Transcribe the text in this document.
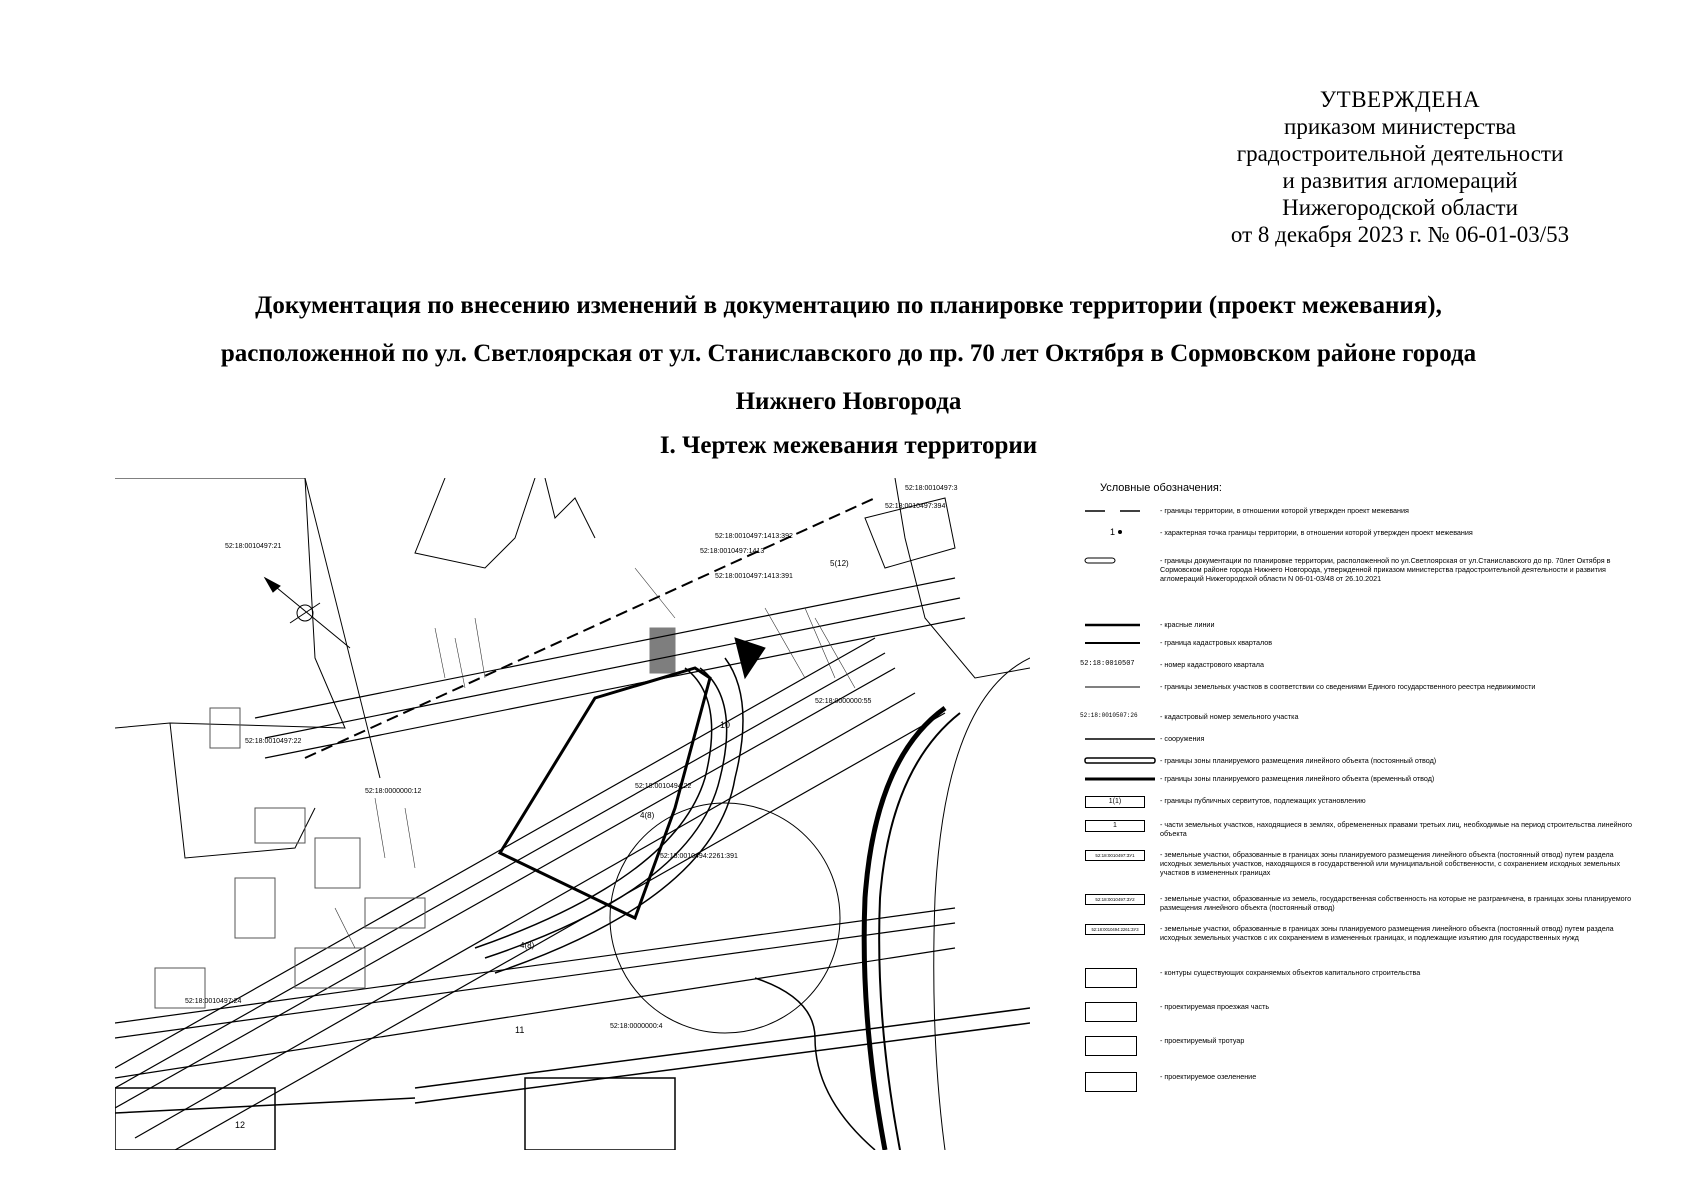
УТВЕРЖДЕНА
приказом министерства
градостроительной деятельности
и развития агломераций
Нижегородской области
от 8 декабря 2023 г. № 06-01-03/53
Документация по внесению изменений в документацию по планировке территории (проект межевания),
расположенной по ул. Светлоярская от ул. Станиславского до пр. 70 лет Октября в Сормовском районе города
Нижнего Новгорода
I. Чертеж межевания территории
52:18:0010497:21
52:18:0010497:22
52:18:0010497:24
52:18:0010497:1413
52:18:0010497:1413:392
52:18:0010497:1413:391
52:18:0010494:22
52:18:0010494:2261:391
52:18:0000000:12
52:18:0000000:4
52:18:0000000:55
52:18:0010497:3
52:18:0010497:394
4(8)
4(8)
5(12)
10
12
11
Условные обозначения:
- границы территории, в отношении которой утвержден проект межевания
1	- характерная точка границы территории, в отношении которой утвержден проект межевания
- границы документации по планировке территории, расположенной по ул.Светлоярская от ул.Станиславского до пр. 70лет Октября в Сормовском районе города Нижнего Новгорода, утвержденной приказом министерства градостроительной деятельности и развития агломераций Нижегородской области N 06-01-03/48 от 26.10.2021
- красные линии
- граница кадастровых кварталов
52:18:0010507	- номер кадастрового квартала
- границы земельных участков в соответствии со сведениями Единого государственного реестра недвижимости
52:18:0010507:26	- кадастровый номер земельного участка
- сооружения
- границы зоны планируемого размещения линейного объекта (постоянный отвод)
- границы зоны планируемого размещения линейного объекта (временный отвод)
1(1)	- границы публичных сервитутов, подлежащих установлению
1	- части земельных участков, находящиеся в землях, обремененных правами третьих лиц, необходимые на период строительства линейного объекта
52:18:0010497:ЗУ1	- земельные участки, образованные в границах зоны планируемого размещения линейного объекта (постоянный отвод) путем раздела исходных земельных участков, находящихся в государственной или муниципальной собственности, с сохранением исходных земельных участков в измененных границах
52:18:0010497:ЗУ2	- земельные участки, образованные из земель, государственная собственность на которые не разграничена, в границах зоны планируемого размещения линейного объекта (постоянный отвод)
52:18:0010494:2261:ЗУ3	- земельные участки, образованные в границах зоны планируемого размещения линейного объекта (постоянный отвод) путем раздела исходных земельных участков с их сохранением в измененных границах, и подлежащие изъятию для государственных нужд
- контуры существующих сохраняемых объектов капитального строительства
- проектируемая проезжая часть
- проектируемый тротуар
- проектируемое озеленение
